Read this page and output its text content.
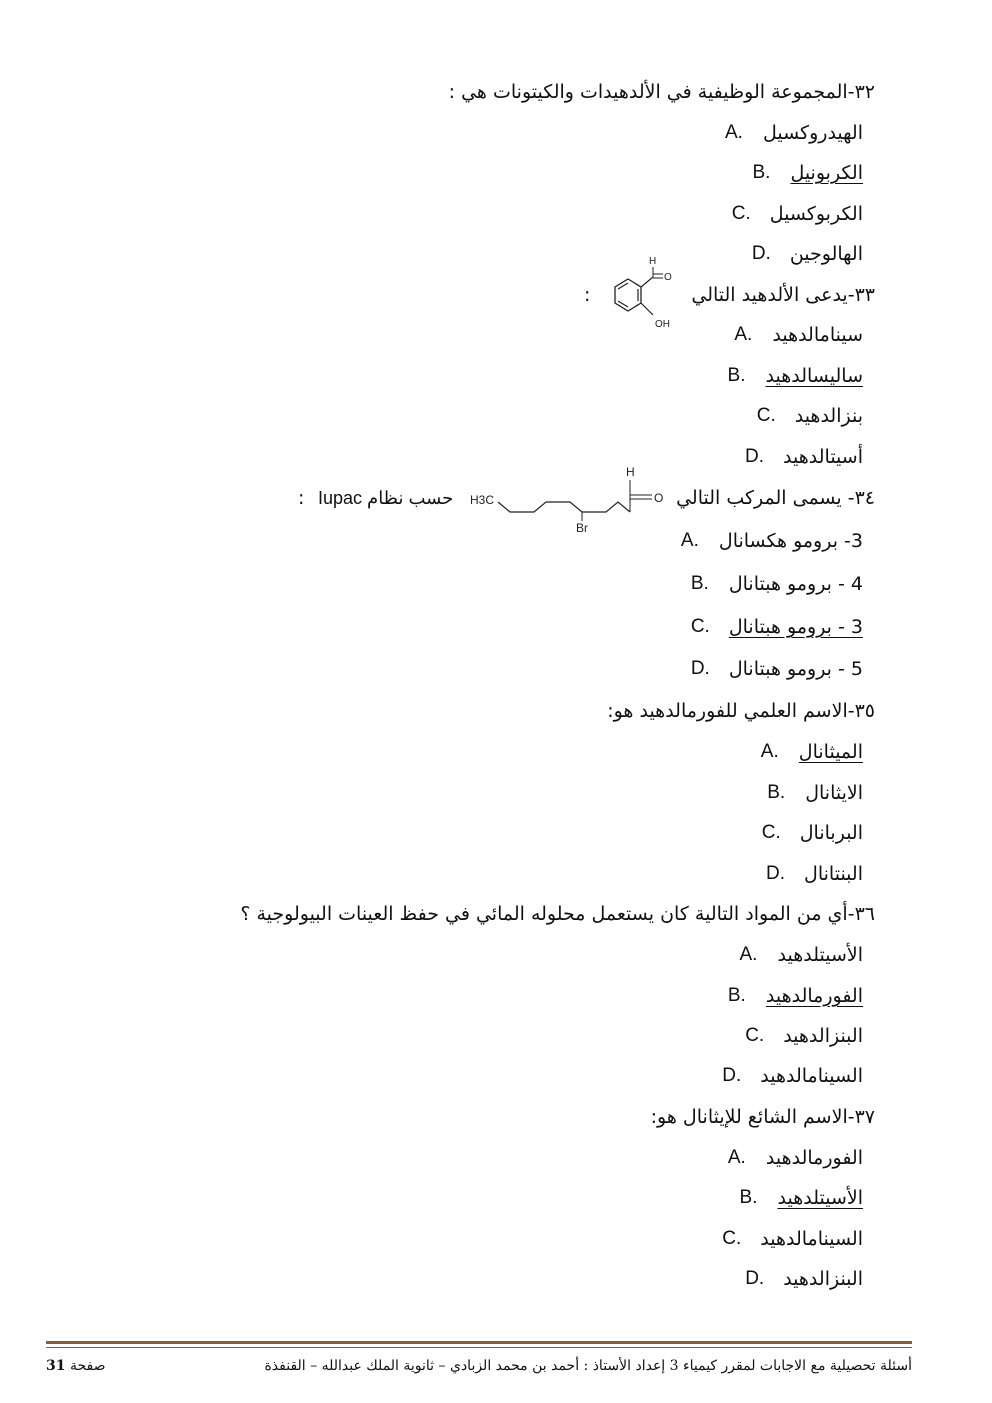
٣٢-المجموعة الوظيفية في الألدهيدات والكيتونات هي :
A.	الهيدروكسيل
B.	الكربونيل
C.	الكربوكسيل
D.	الهالوجين
٣٣-يدعى الألدهيد التالي
:
H
O
OH	A.	سينامالدهيد
B.	ساليسالدهيد
C.	بنزالدهيد
D.	أسيتالدهيد
٣٤- يسمى المركب التالي
حسب نظام Iupac
:	H3C
H
O
Br
A.	3- برومو هكسانال
B.	4 - برومو هبتانال
C.	3 - برومو هبتانال
D.	5 - برومو هبتانال
٣٥-الاسم العلمي للفورمالدهيد هو:
A.	الميثانال
B.	الايثانال
C.	البربانال
D.	البنتانال
٣٦-أي من المواد التالية كان يستعمل محلوله المائي في حفظ العينات البيولوجية ؟
A.	الأسيتلدهيد
B.	الفورمالدهيد
C.	البنزالدهيد
D.	السينامالدهيد
٣٧-الاسم الشائع للإيثانال هو:
A.	الفورمالدهيد
B.	الأسيتلدهيد
C.	السينامالدهيد
D.	البنزالدهيد
صفحة 31	أسئلة تحصيلية مع الاجابات لمقرر كيمياء 3 إعداد الأستاذ : أحمد بن محمد الزبادي – ثانوية الملك عبدالله – القنفذة
